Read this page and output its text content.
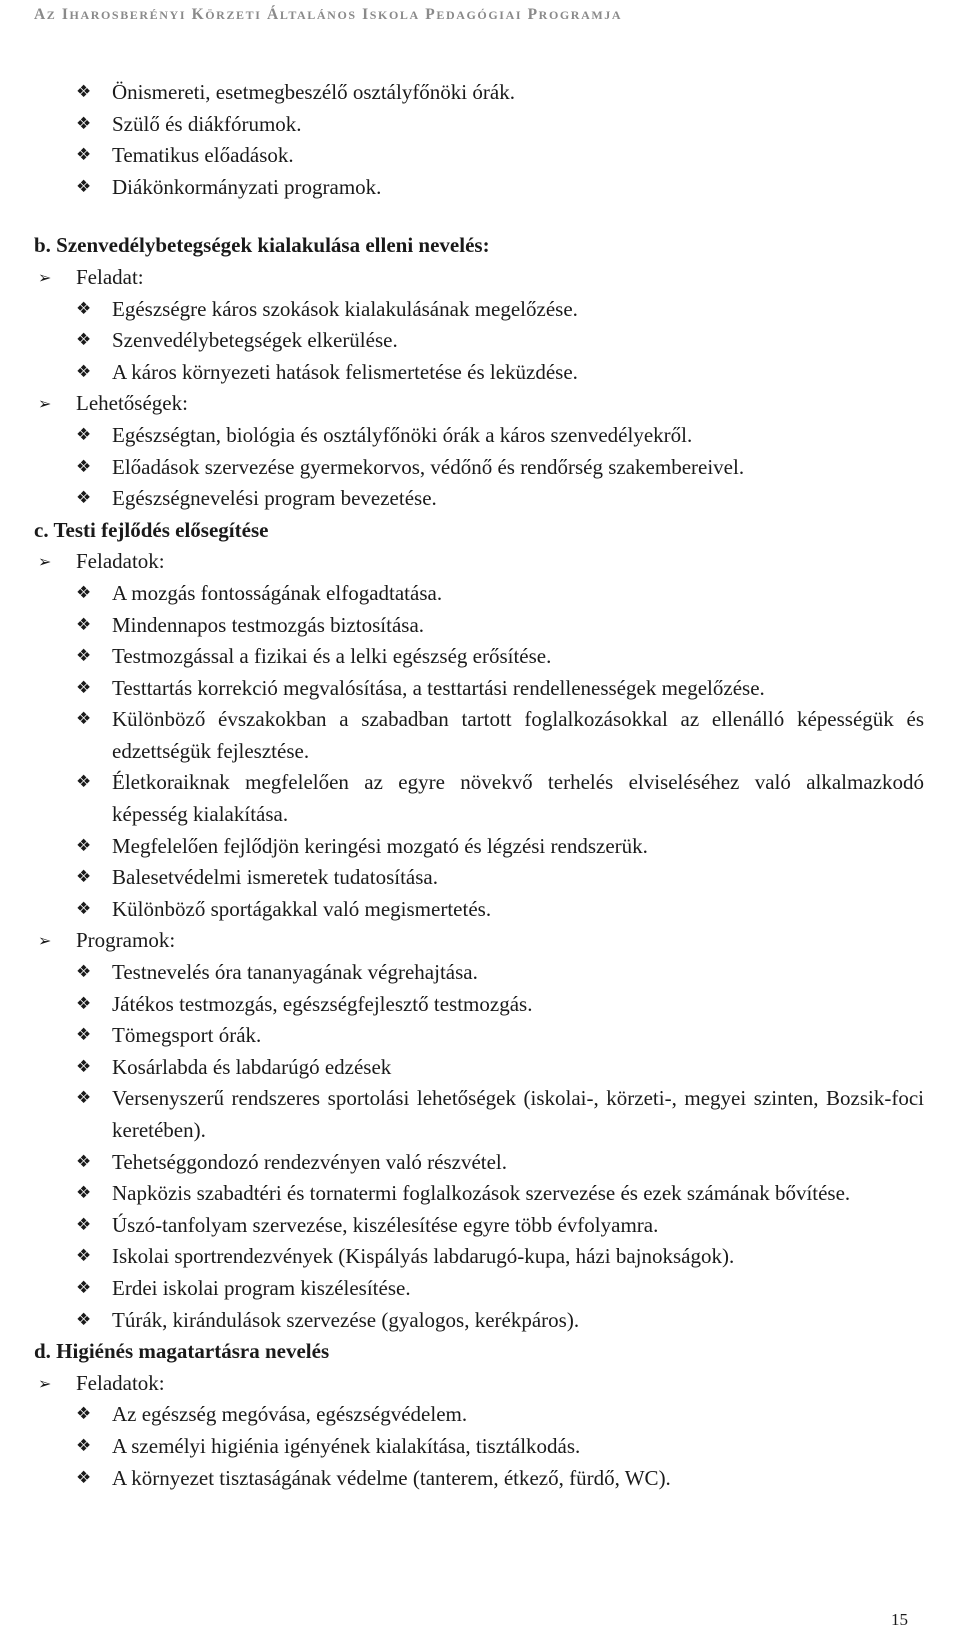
AZ IHAROSBERÉNYI KÖRZETI ÁLTALÁNOS ISKOLA PEDAGÓGIAI PROGRAMJA
❖ Önismereti, esetmegbeszélő osztályfőnöki órák.
❖ Szülő és diákfórumok.
❖ Tematikus előadások.
❖ Diákönkormányzati programok.
b. Szenvedélybetegségek kialakulása elleni nevelés:
➢	Feladat:
❖ Egészségre káros szokások kialakulásának megelőzése.
❖ Szenvedélybetegségek elkerülése.
❖ A káros környezeti hatások felismertetése és leküzdése.
➢	Lehetőségek:
❖ Egészségtan, biológia és osztályfőnöki órák a káros szenvedélyekről.
❖ Előadások szervezése gyermekorvos, védőnő és rendőrség szakembereivel.
❖ Egészségnevelési program bevezetése.
c. Testi fejlődés elősegítése
➢	Feladatok:
❖ A mozgás fontosságának elfogadtatása.
❖ Mindennapos testmozgás biztosítása.
❖ Testmozgással a fizikai és a lelki egészség erősítése.
❖ Testtartás korrekció megvalósítása, a testtartási rendellenességek megelőzése.
❖ Különböző évszakokban a szabadban tartott foglalkozásokkal az ellenálló képességük és edzettségük fejlesztése.
❖ Életkoraiknak megfelelően az egyre növekvő terhelés elviseléséhez való alkalmazkodó képesség kialakítása.
❖ Megfelelően fejlődjön keringési mozgató és légzési rendszerük.
❖ Balesetvédelmi ismeretek tudatosítása.
❖ Különböző sportágakkal való megismertetés.
➢	Programok:
❖ Testnevelés óra tananyagának végrehajtása.
❖ Játékos testmozgás, egészségfejlesztő testmozgás.
❖ Tömegsport órák.
❖ Kosárlabda és labdarúgó edzések
❖ Versenyszerű rendszeres sportolási lehetőségek (iskolai-, körzeti-, megyei szinten, Bozsik-foci keretében).
❖ Tehetséggondozó rendezvényen való részvétel.
❖ Napközis szabadtéri és tornatermi foglalkozások szervezése és ezek számának bővítése.
❖ Úszó-tanfolyam szervezése, kiszélesítése egyre több évfolyamra.
❖ Iskolai sportrendezvények (Kispályás labdarugó-kupa, házi bajnokságok).
❖ Erdei iskolai program kiszélesítése.
❖ Túrák, kirándulások szervezése (gyalogos, kerékpáros).
d. Higiénés magatartásra nevelés
➢	Feladatok:
❖ Az egészség megóvása, egészségvédelem.
❖ A személyi higiénia igényének kialakítása, tisztálkodás.
❖ A környezet tisztaságának védelme (tanterem, étkező, fürdő, WC).
15
